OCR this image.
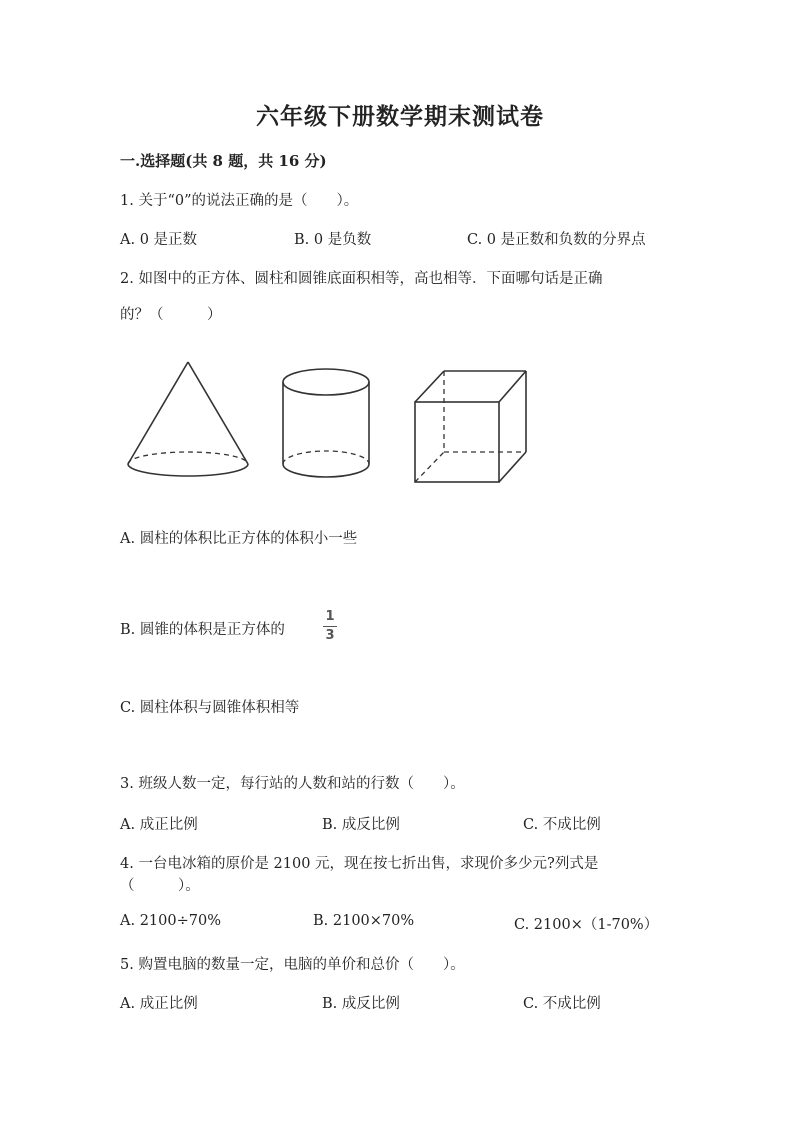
六年级下册数学期末测试卷
一.选择题(共 8 题，共 16 分)
1. 关于“0”的说法正确的是（　　）。
A. 0 是正数	B. 0 是负数	C. 0 是正数和负数的分界点
2. 如图中的正方体、圆柱和圆锥底面积相等，高也相等．下面哪句话是正确
的？（　　　）
A. 圆柱的体积比正方体的体积小一些
B. 圆锥的体积是正方体的
1
3
C. 圆柱体积与圆锥体积相等
3. 班级人数一定，每行站的人数和站的行数（　　）。
A. 成正比例	B. 成反比例	C. 不成比例
4. 一台电冰箱的原价是 2100 元，现在按七折出售，求现价多少元?列式是
（　　　）。
A. 2100÷70%	B. 2100×70%	C. 2100×（1-70%）
5. 购置电脑的数量一定，电脑的单价和总价（　　）。
A. 成正比例	B. 成反比例	C. 不成比例
